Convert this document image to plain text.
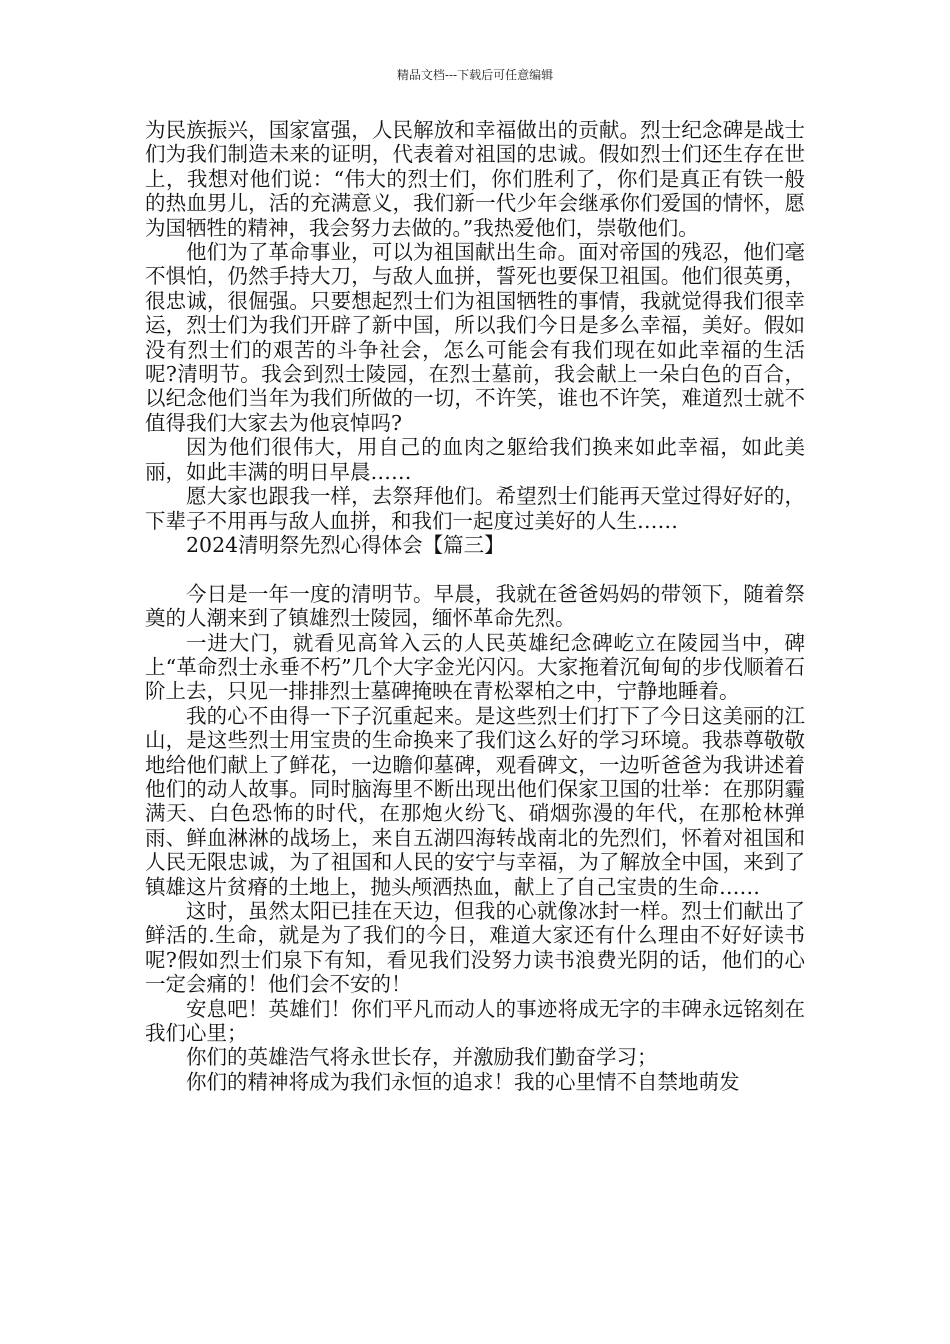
精品文档---下载后可任意编辑

为民族振兴，国家富强，人民解放和幸福做出的贡献。烈士纪念碑是战士们为我们制造未来的证明，代表着对祖国的忠诚。假如烈士们还生存在世上，我想对他们说：“伟大的烈士们，你们胜利了，你们是真正有铁一般的热血男儿，活的充满意义，我们新一代少年会继承你们爱国的情怀，愿为国牺牲的精神，我会努力去做的。”我热爱他们，崇敬他们。

他们为了革命事业，可以为祖国献出生命。面对帝国的残忍，他们毫不惧怕，仍然手持大刀，与敌人血拼，誓死也要保卫祖国。他们很英勇，很忠诚，很倔强。只要想起烈士们为祖国牺牲的事情，我就觉得我们很幸运，烈士们为我们开辟了新中国，所以我们今日是多么幸福，美好。假如没有烈士们的艰苦的斗争社会，怎么可能会有我们现在如此幸福的生活呢?清明节。我会到烈士陵园，在烈士墓前，我会献上一朵白色的百合，以纪念他们当年为我们所做的一切，不许笑，谁也不许笑，难道烈士就不值得我们大家去为他哀悼吗?

因为他们很伟大，用自己的血肉之躯给我们换来如此幸福，如此美丽，如此丰满的明日早晨……

愿大家也跟我一样，去祭拜他们。希望烈士们能再天堂过得好好的，下辈子不用再与敌人血拼，和我们一起度过美好的人生……

2024清明祭先烈心得体会【篇三】

今日是一年一度的清明节。早晨，我就在爸爸妈妈的带领下，随着祭奠的人潮来到了镇雄烈士陵园，缅怀革命先烈。

一进大门，就看见高耸入云的人民英雄纪念碑屹立在陵园当中，碑上“革命烈士永垂不朽”几个大字金光闪闪。大家拖着沉甸甸的步伐顺着石阶上去，只见一排排烈士墓碑掩映在青松翠柏之中，宁静地睡着。

我的心不由得一下子沉重起来。是这些烈士们打下了今日这美丽的江山，是这些烈士用宝贵的生命换来了我们这么好的学习环境。我恭尊敬敬地给他们献上了鲜花，一边瞻仰墓碑，观看碑文，一边听爸爸为我讲述着他们的动人故事。同时脑海里不断出现出他们保家卫国的壮举：在那阴霾满天、白色恐怖的时代，在那炮火纷飞、硝烟弥漫的年代，在那枪林弹雨、鲜血淋淋的战场上，来自五湖四海转战南北的先烈们，怀着对祖国和人民无限忠诚，为了祖国和人民的安宁与幸福，为了解放全中国，来到了镇雄这片贫瘠的土地上，抛头颅洒热血，献上了自己宝贵的生命……

这时，虽然太阳已挂在天边，但我的心就像冰封一样。烈士们献出了鲜活的.生命，就是为了我们的今日，难道大家还有什么理由不好好读书呢?假如烈士们泉下有知，看见我们没努力读书浪费光阴的话，他们的心一定会痛的！他们会不安的！

安息吧！英雄们！你们平凡而动人的事迹将成无字的丰碑永远铭刻在我们心里；

你们的英雄浩气将永世长存，并激励我们勤奋学习；

你们的精神将成为我们永恒的追求！我的心里情不自禁地萌发
